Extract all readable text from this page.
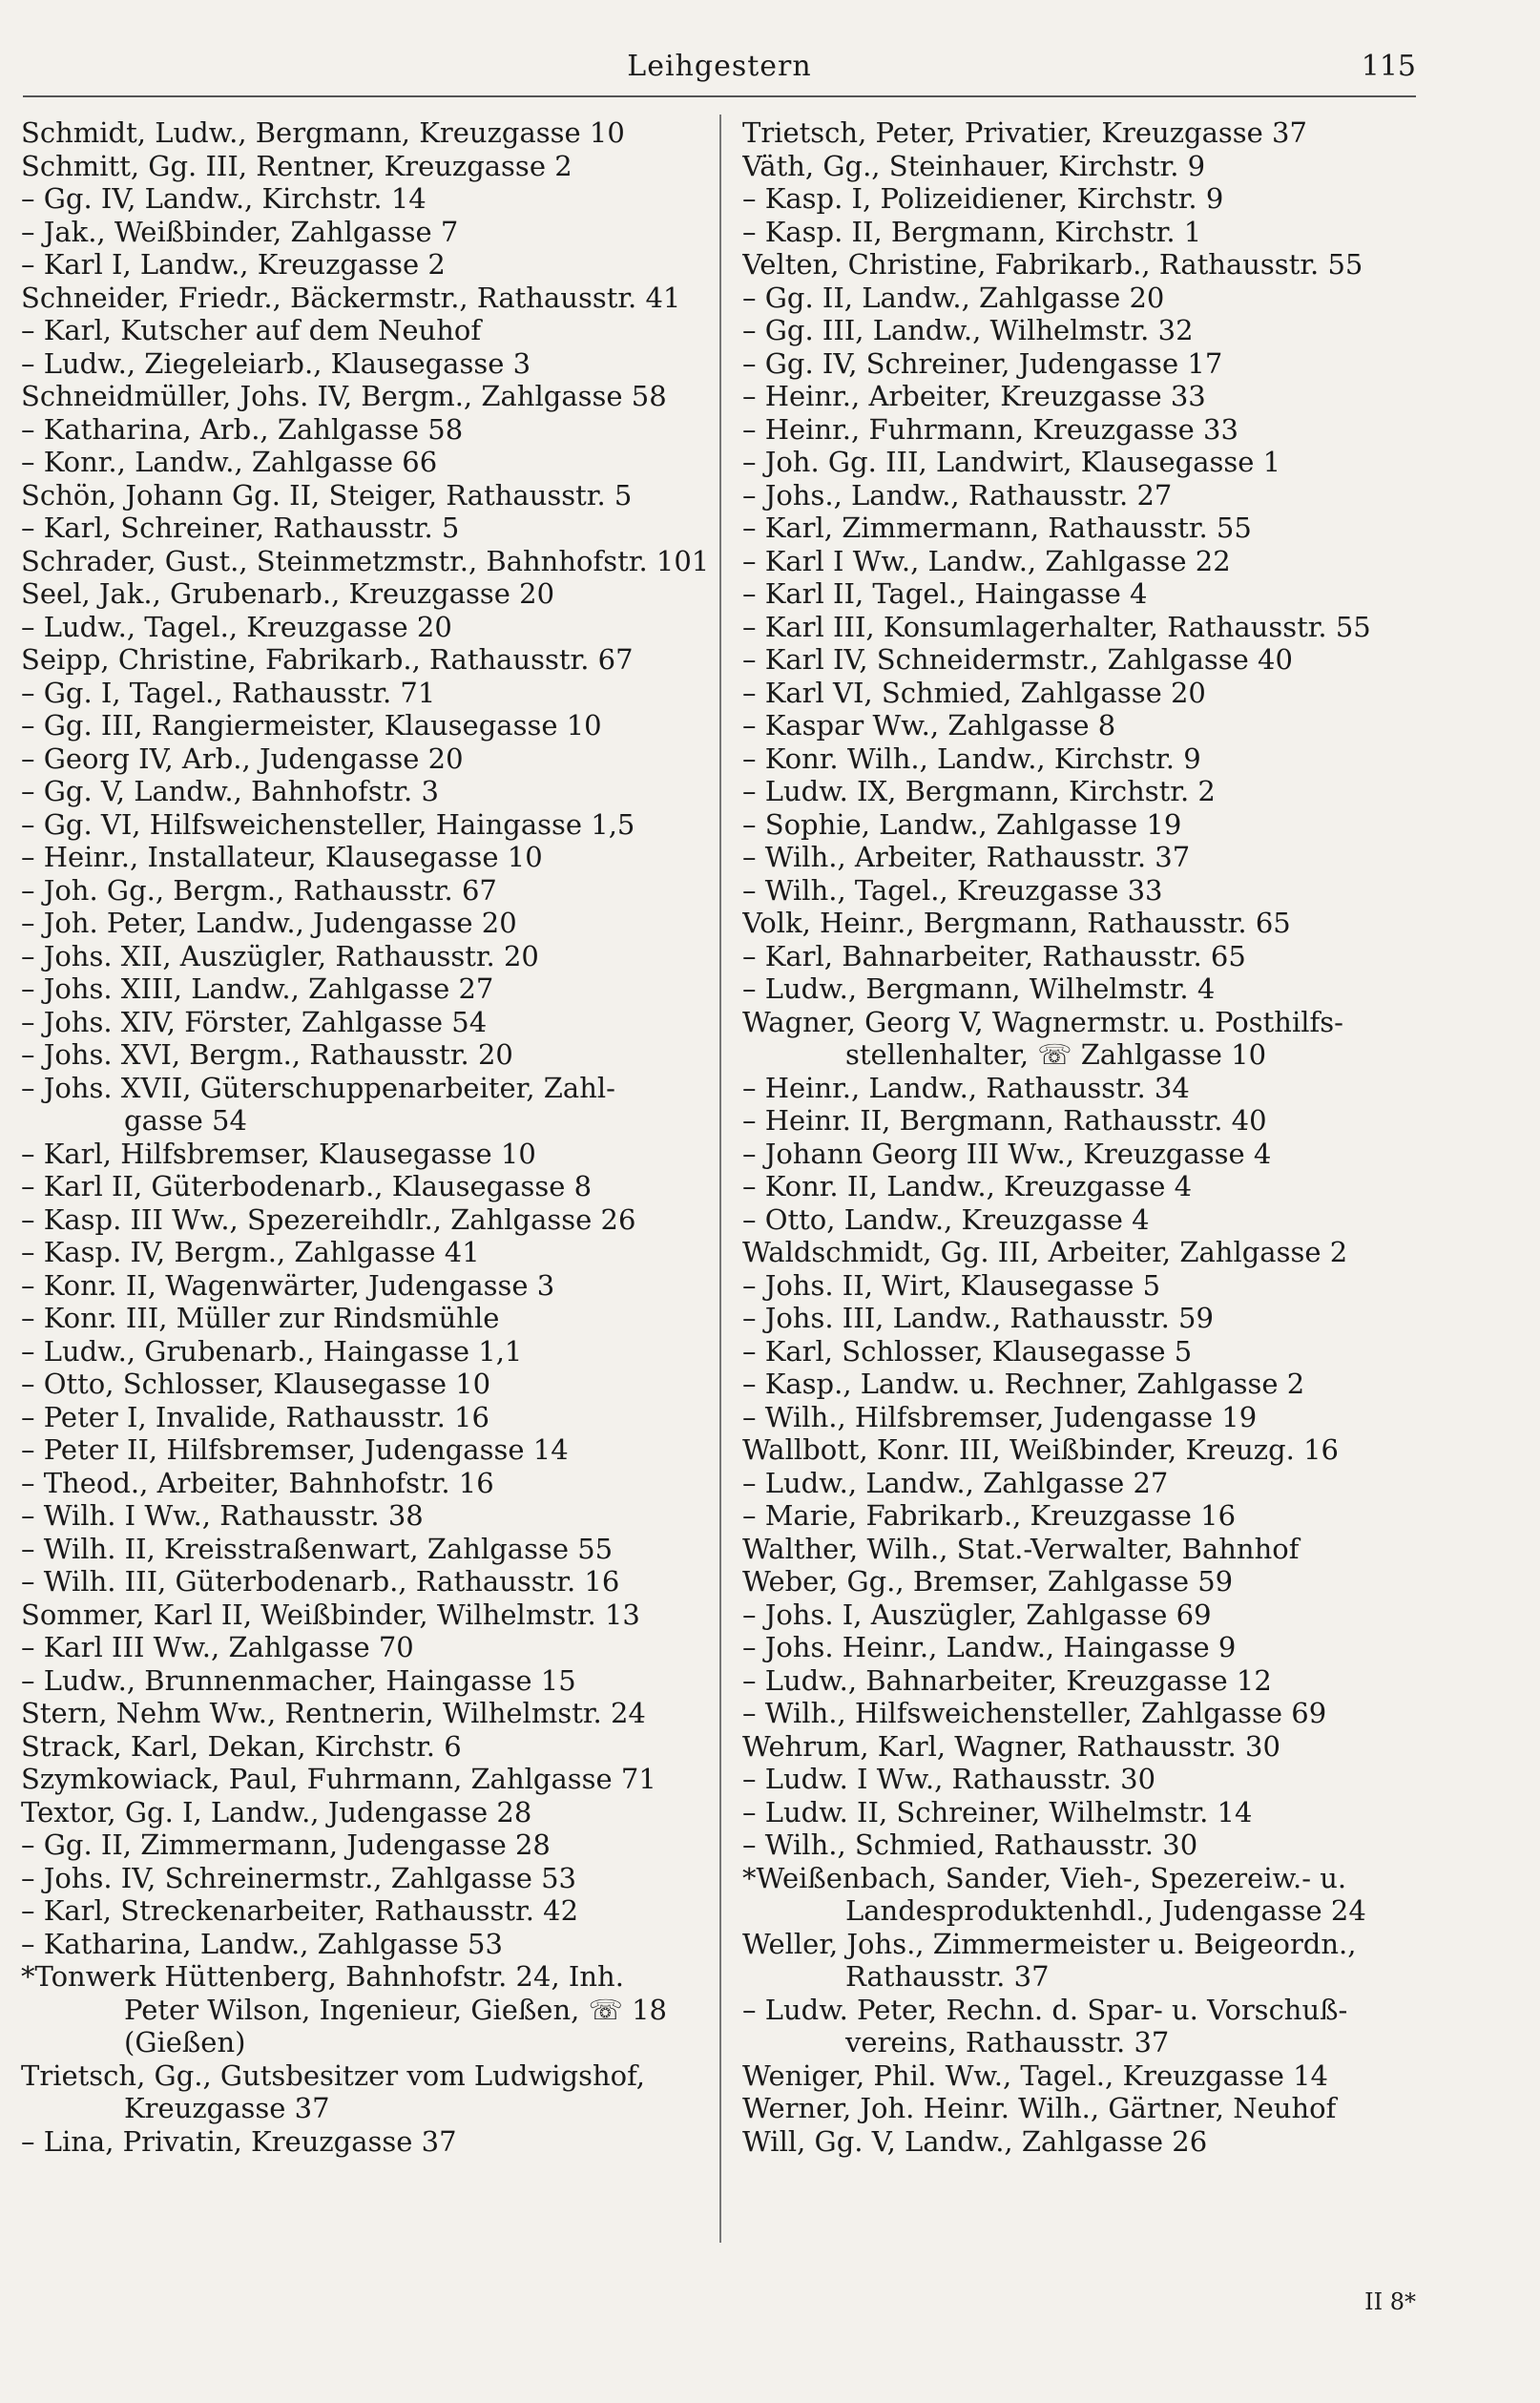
Leihgestern	115
Schmidt, Ludw., Bergmann, Kreuzgasse 10
Schmitt, Gg. III, Rentner, Kreuzgasse 2
– Gg. IV, Landw., Kirchstr. 14
– Jak., Weißbinder, Zahlgasse 7
– Karl I, Landw., Kreuzgasse 2
Schneider, Friedr., Bäckermstr., Rathausstr. 41
– Karl, Kutscher auf dem Neuhof
– Ludw., Ziegeleiarb., Klausegasse 3
Schneidmüller, Johs. IV, Bergm., Zahlgasse 58
– Katharina, Arb., Zahlgasse 58
– Konr., Landw., Zahlgasse 66
Schön, Johann Gg. II, Steiger, Rathausstr. 5
– Karl, Schreiner, Rathausstr. 5
Schrader, Gust., Steinmetzmstr., Bahnhofstr. 101
Seel, Jak., Grubenarb., Kreuzgasse 20
– Ludw., Tagel., Kreuzgasse 20
Seipp, Christine, Fabrikarb., Rathausstr. 67
– Gg. I, Tagel., Rathausstr. 71
– Gg. III, Rangiermeister, Klausegasse 10
– Georg IV, Arb., Judengasse 20
– Gg. V, Landw., Bahnhofstr. 3
– Gg. VI, Hilfsweichensteller, Haingasse 1,5
– Heinr., Installateur, Klausegasse 10
– Joh. Gg., Bergm., Rathausstr. 67
– Joh. Peter, Landw., Judengasse 20
– Johs. XII, Auszügler, Rathausstr. 20
– Johs. XIII, Landw., Zahlgasse 27
– Johs. XIV, Förster, Zahlgasse 54
– Johs. XVI, Bergm., Rathausstr. 20
– Johs. XVII, Güterschuppenarbeiter, Zahl-
gasse 54
– Karl, Hilfsbremser, Klausegasse 10
– Karl II, Güterbodenarb., Klausegasse 8
– Kasp. III Ww., Spezereihdlr., Zahlgasse 26
– Kasp. IV, Bergm., Zahlgasse 41
– Konr. II, Wagenwärter, Judengasse 3
– Konr. III, Müller zur Rindsmühle
– Ludw., Grubenarb., Haingasse 1,1
– Otto, Schlosser, Klausegasse 10
– Peter I, Invalide, Rathausstr. 16
– Peter II, Hilfsbremser, Judengasse 14
– Theod., Arbeiter, Bahnhofstr. 16
– Wilh. I Ww., Rathausstr. 38
– Wilh. II, Kreisstraßenwart, Zahlgasse 55
– Wilh. III, Güterbodenarb., Rathausstr. 16
Sommer, Karl II, Weißbinder, Wilhelmstr. 13
– Karl III Ww., Zahlgasse 70
– Ludw., Brunnenmacher, Haingasse 15
Stern, Nehm Ww., Rentnerin, Wilhelmstr. 24
Strack, Karl, Dekan, Kirchstr. 6
Szymkowiack, Paul, Fuhrmann, Zahlgasse 71
Textor, Gg. I, Landw., Judengasse 28
– Gg. II, Zimmermann, Judengasse 28
– Johs. IV, Schreinermstr., Zahlgasse 53
– Karl, Streckenarbeiter, Rathausstr. 42
– Katharina, Landw., Zahlgasse 53
*Tonwerk Hüttenberg, Bahnhofstr. 24, Inh.
Peter Wilson, Ingenieur, Gießen, ☏ 18
(Gießen)
Trietsch, Gg., Gutsbesitzer vom Ludwigshof,
Kreuzgasse 37
– Lina, Privatin, Kreuzgasse 37
Trietsch, Peter, Privatier, Kreuzgasse 37
Väth, Gg., Steinhauer, Kirchstr. 9
– Kasp. I, Polizeidiener, Kirchstr. 9
– Kasp. II, Bergmann, Kirchstr. 1
Velten, Christine, Fabrikarb., Rathausstr. 55
– Gg. II, Landw., Zahlgasse 20
– Gg. III, Landw., Wilhelmstr. 32
– Gg. IV, Schreiner, Judengasse 17
– Heinr., Arbeiter, Kreuzgasse 33
– Heinr., Fuhrmann, Kreuzgasse 33
– Joh. Gg. III, Landwirt, Klausegasse 1
– Johs., Landw., Rathausstr. 27
– Karl, Zimmermann, Rathausstr. 55
– Karl I Ww., Landw., Zahlgasse 22
– Karl II, Tagel., Haingasse 4
– Karl III, Konsumlagerhalter, Rathausstr. 55
– Karl IV, Schneidermstr., Zahlgasse 40
– Karl VI, Schmied, Zahlgasse 20
– Kaspar Ww., Zahlgasse 8
– Konr. Wilh., Landw., Kirchstr. 9
– Ludw. IX, Bergmann, Kirchstr. 2
– Sophie, Landw., Zahlgasse 19
– Wilh., Arbeiter, Rathausstr. 37
– Wilh., Tagel., Kreuzgasse 33
Volk, Heinr., Bergmann, Rathausstr. 65
– Karl, Bahnarbeiter, Rathausstr. 65
– Ludw., Bergmann, Wilhelmstr. 4
Wagner, Georg V, Wagnermstr. u. Posthilfs-
stellenhalter, ☏ Zahlgasse 10
– Heinr., Landw., Rathausstr. 34
– Heinr. II, Bergmann, Rathausstr. 40
– Johann Georg III Ww., Kreuzgasse 4
– Konr. II, Landw., Kreuzgasse 4
– Otto, Landw., Kreuzgasse 4
Waldschmidt, Gg. III, Arbeiter, Zahlgasse 2
– Johs. II, Wirt, Klausegasse 5
– Johs. III, Landw., Rathausstr. 59
– Karl, Schlosser, Klausegasse 5
– Kasp., Landw. u. Rechner, Zahlgasse 2
– Wilh., Hilfsbremser, Judengasse 19
Wallbott, Konr. III, Weißbinder, Kreuzg. 16
– Ludw., Landw., Zahlgasse 27
– Marie, Fabrikarb., Kreuzgasse 16
Walther, Wilh., Stat.-Verwalter, Bahnhof
Weber, Gg., Bremser, Zahlgasse 59
– Johs. I, Auszügler, Zahlgasse 69
– Johs. Heinr., Landw., Haingasse 9
– Ludw., Bahnarbeiter, Kreuzgasse 12
– Wilh., Hilfsweichensteller, Zahlgasse 69
Wehrum, Karl, Wagner, Rathausstr. 30
– Ludw. I Ww., Rathausstr. 30
– Ludw. II, Schreiner, Wilhelmstr. 14
– Wilh., Schmied, Rathausstr. 30
*Weißenbach, Sander, Vieh-, Spezereiw.- u.
Landesproduktenhdl., Judengasse 24
Weller, Johs., Zimmermeister u. Beigeordn.,
Rathausstr. 37
– Ludw. Peter, Rechn. d. Spar- u. Vorschuß-
vereins, Rathausstr. 37
Weniger, Phil. Ww., Tagel., Kreuzgasse 14
Werner, Joh. Heinr. Wilh., Gärtner, Neuhof
Will, Gg. V, Landw., Zahlgasse 26
II 8*
